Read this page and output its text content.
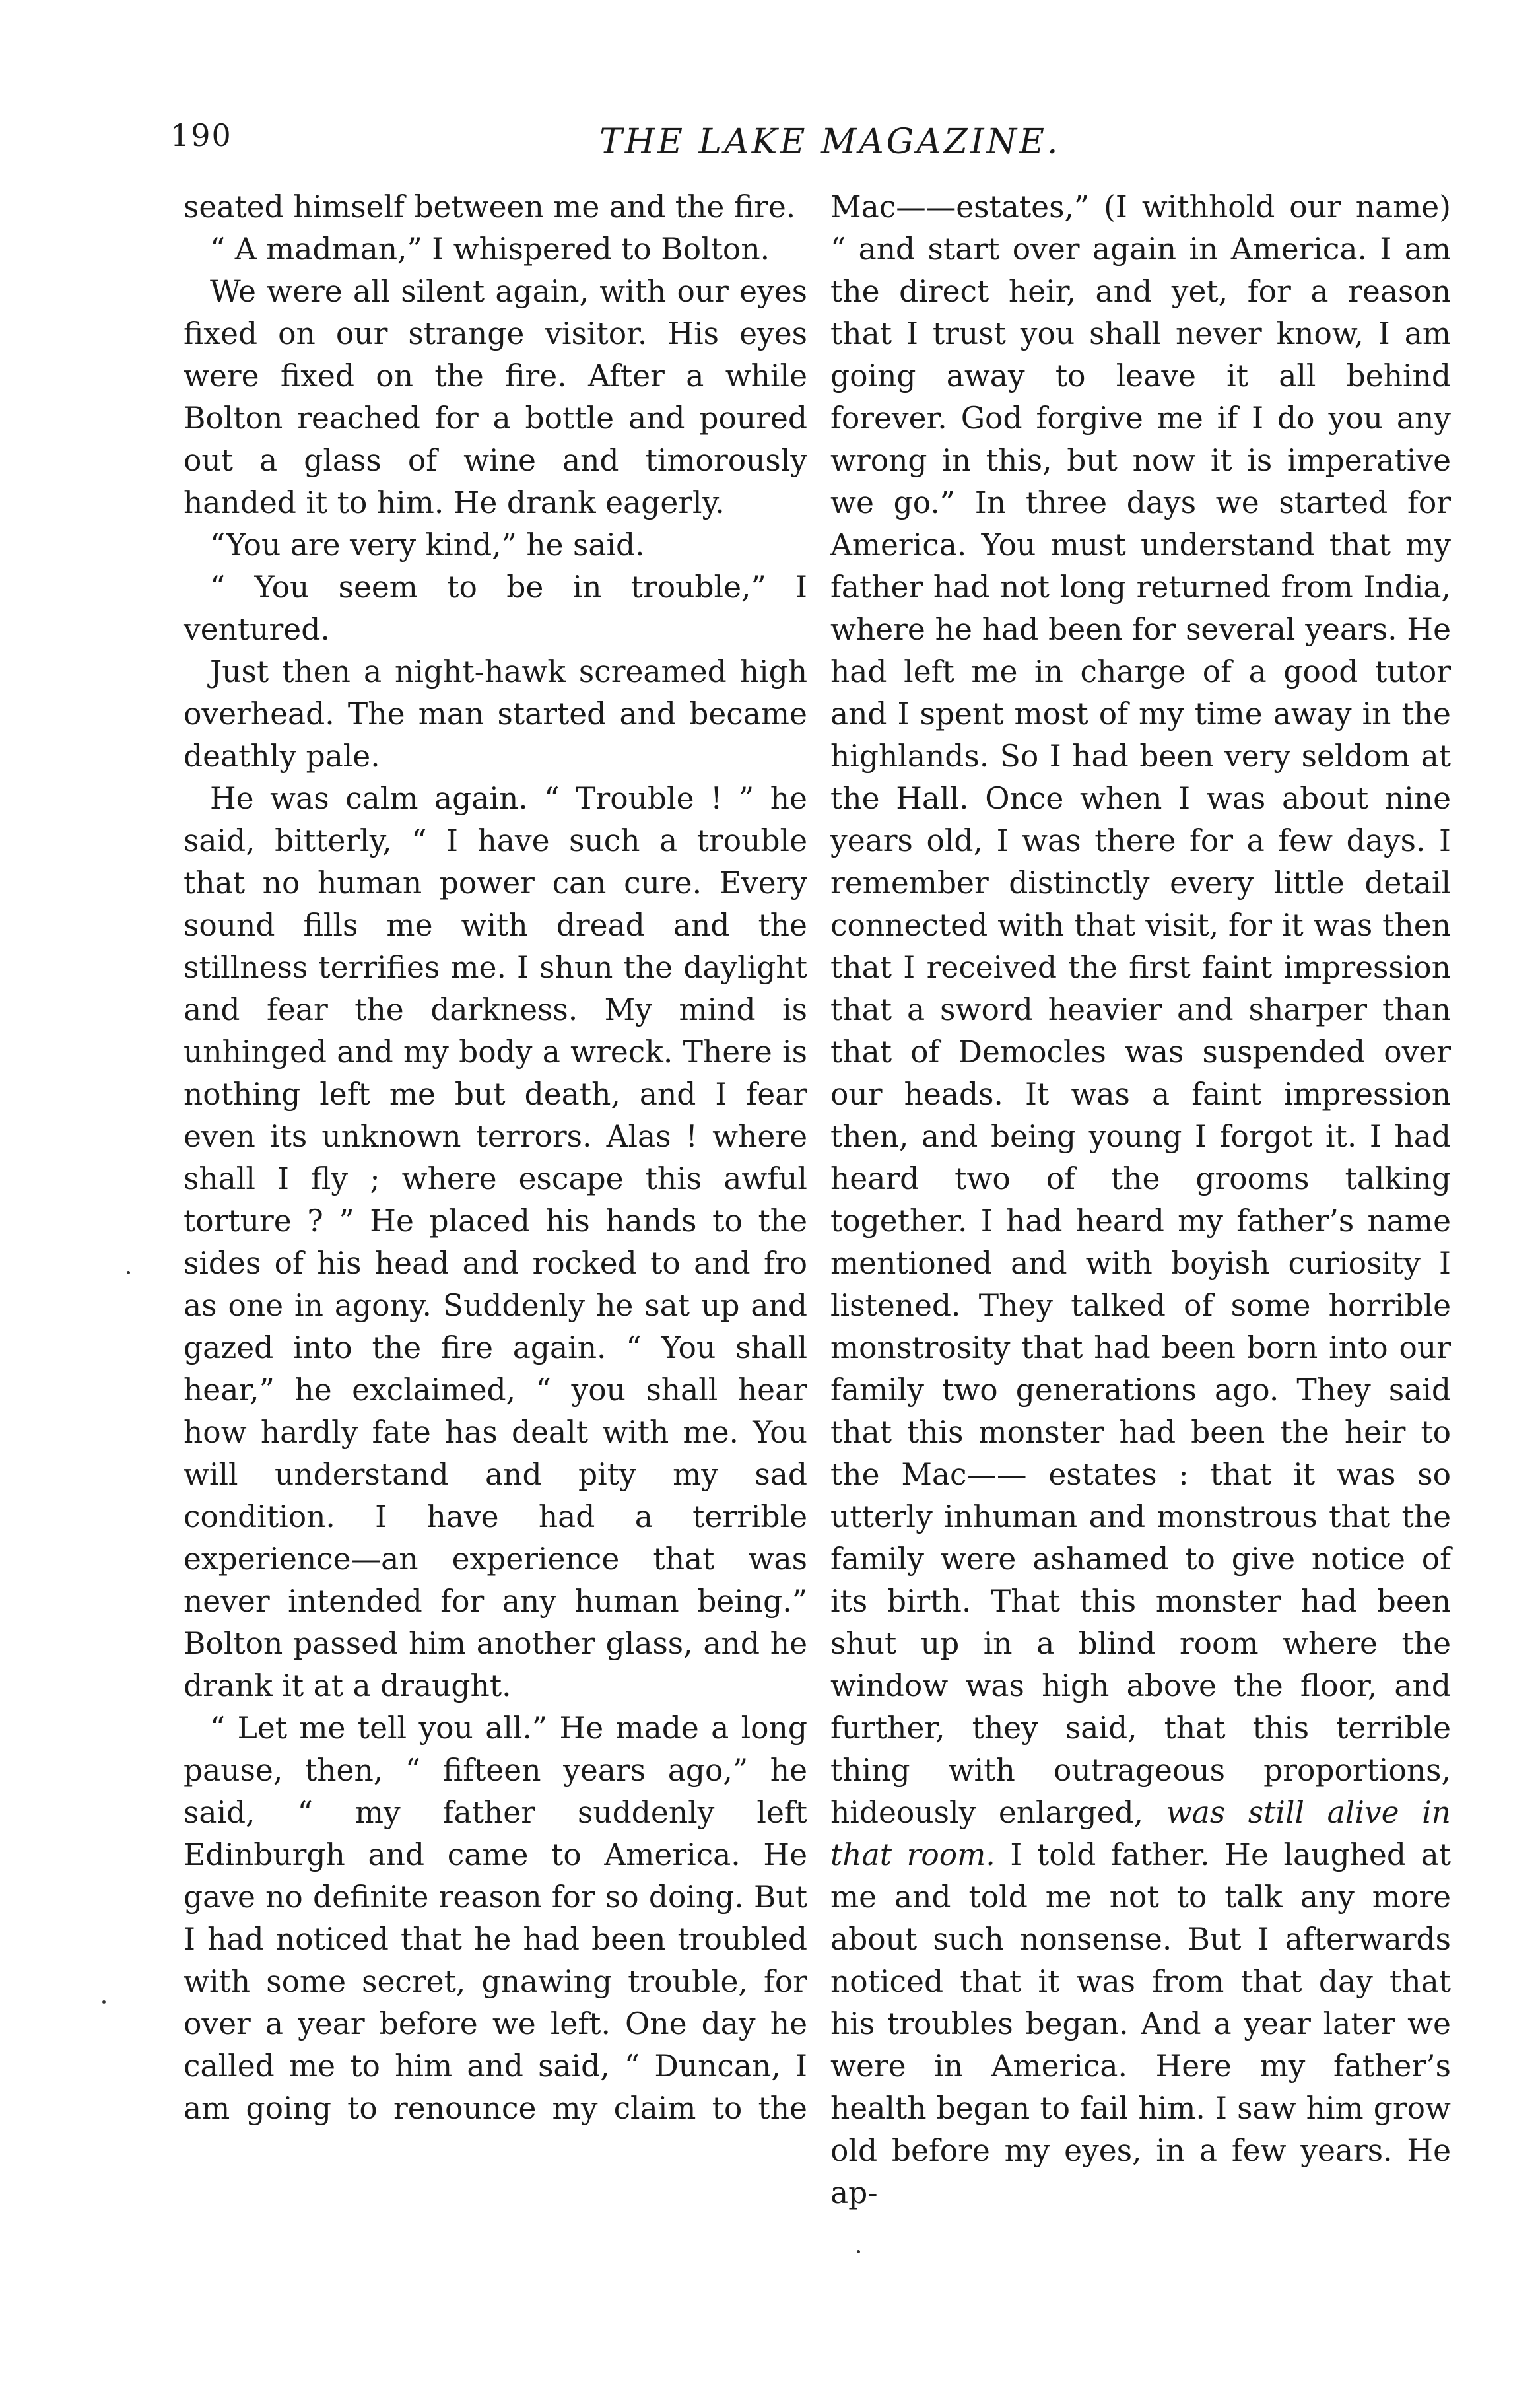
190	THE LAKE MAGAZINE.

seated himself between me and the fire.

“ A madman,” I whispered to Bolton.

We were all silent again, with our eyes fixed on our strange visitor. His eyes were fixed on the fire. After a while Bolton reached for a bottle and poured out a glass of wine and timorously handed it to him. He drank eagerly.

“You are very kind,” he said.

“ You seem to be in trouble,” I ventured.

Just then a night-hawk screamed high overhead. The man started and became deathly pale.

He was calm again. “ Trouble ! ” he said, bitterly, “ I have such a trouble that no human power can cure. Every sound fills me with dread and the stillness terrifies me. I shun the daylight and fear the darkness. My mind is unhinged and my body a wreck. There is nothing left me but death, and I fear even its unknown terrors. Alas ! where shall I fly ; where escape this awful torture ? ” He placed his hands to the sides of his head and rocked to and fro as one in agony. Suddenly he sat up and gazed into the fire again. “ You shall hear,” he exclaimed, “ you shall hear how hardly fate has dealt with me. You will understand and pity my sad condition. I have had a terrible experience—an experience that was never intended for any human being.” Bolton passed him another glass, and he drank it at a draught.

“ Let me tell you all.” He made a long pause, then, “ fifteen years ago,” he said, “ my father suddenly left Edinburgh and came to America. He gave no definite reason for so doing. But I had noticed that he had been troubled with some secret, gnawing trouble, for over a year before we left. One day he called me to him and said, “ Duncan, I am going to renounce my claim to the

Mac——estates,” (I withhold our name) “ and start over again in America. I am the direct heir, and yet, for a reason that I trust you shall never know, I am going away to leave it all behind forever. God forgive me if I do you any wrong in this, but now it is imperative we go.” In three days we started for America. You must understand that my father had not long returned from India, where he had been for several years. He had left me in charge of a good tutor and I spent most of my time away in the highlands. So I had been very seldom at the Hall. Once when I was about nine years old, I was there for a few days. I remember distinctly every little detail connected with that visit, for it was then that I received the first faint impression that a sword heavier and sharper than that of Democles was suspended over our heads. It was a faint impression then, and being young I forgot it. I had heard two of the grooms talking together. I had heard my father’s name mentioned and with boyish curiosity I listened. They talked of some horrible monstrosity that had been born into our family two generations ago. They said that this monster had been the heir to the Mac—— estates : that it was so utterly inhuman and monstrous that the family were ashamed to give notice of its birth. That this monster had been shut up in a blind room where the window was high above the floor, and further, they said, that this terrible thing with outrageous proportions, hideously enlarged, was still alive in that room. I told father. He laughed at me and told me not to talk any more about such nonsense. But I afterwards noticed that it was from that day that his troubles began. And a year later we were in America. Here my father’s health began to fail him. I saw him grow old before my eyes, in a few years. He ap-
